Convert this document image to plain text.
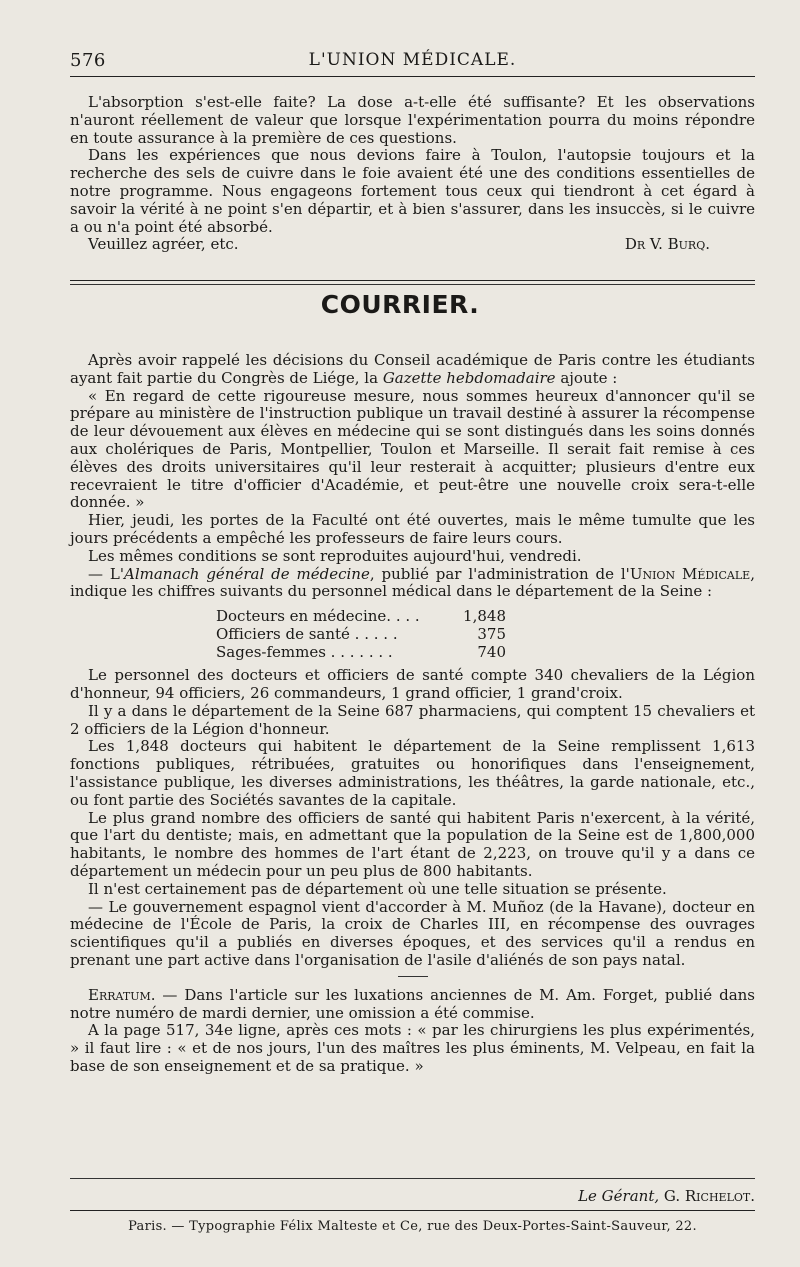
576	L'UNION MÉDICALE.

L'absorption s'est-elle faite? La dose a-t-elle été suffisante? Et les observations n'auront réellement de valeur que lorsque l'expérimentation pourra du moins répondre en toute assurance à la première de ces questions.

Dans les expériences que nous devions faire à Toulon, l'autopsie toujours et la recherche des sels de cuivre dans le foie avaient été une des conditions essentielles de notre programme. Nous engageons fortement tous ceux qui tiendront à cet égard à savoir la vérité à ne point s'en départir, et à bien s'assurer, dans les insuccès, si le cuivre a ou n'a point été absorbé.

Veuillez agréer, etc.	Dr V. Burq.
COURRIER.

Après avoir rappelé les décisions du Conseil académique de Paris contre les étudiants ayant fait partie du Congrès de Liége, la Gazette hebdomadaire ajoute :

« En regard de cette rigoureuse mesure, nous sommes heureux d'annoncer qu'il se prépare au ministère de l'instruction publique un travail destiné à assurer la récompense de leur dévouement aux élèves en médecine qui se sont distingués dans les soins donnés aux cholériques de Paris, Montpellier, Toulon et Marseille. Il serait fait remise à ces élèves des droits universitaires qu'il leur resterait à acquitter; plusieurs d'entre eux recevraient le titre d'officier d'Académie, et peut-être une nouvelle croix sera-t-elle donnée. »

Hier, jeudi, les portes de la Faculté ont été ouvertes, mais le même tumulte que les jours précédents a empêché les professeurs de faire leurs cours.

Les mêmes conditions se sont reproduites aujourd'hui, vendredi.

— L'Almanach général de médecine, publié par l'administration de l'Union Médicale, indique les chiffres suivants du personnel médical dans le département de la Seine :

Docteurs en médecine. . . .	1,848
Officiers de santé . . . . .	375
Sages-femmes . . . . . . .	740

Le personnel des docteurs et officiers de santé compte 340 chevaliers de la Légion d'honneur, 94 officiers, 26 commandeurs, 1 grand officier, 1 grand'croix.

Il y a dans le département de la Seine 687 pharmaciens, qui comptent 15 chevaliers et 2 officiers de la Légion d'honneur.

Les 1,848 docteurs qui habitent le département de la Seine remplissent 1,613 fonctions publiques, rétribuées, gratuites ou honorifiques dans l'enseignement, l'assistance publique, les diverses administrations, les théâtres, la garde nationale, etc., ou font partie des Sociétés savantes de la capitale.

Le plus grand nombre des officiers de santé qui habitent Paris n'exercent, à la vérité, que l'art du dentiste; mais, en admettant que la population de la Seine est de 1,800,000 habitants, le nombre des hommes de l'art étant de 2,223, on trouve qu'il y a dans ce département un médecin pour un peu plus de 800 habitants.

Il n'est certainement pas de département où une telle situation se présente.

— Le gouvernement espagnol vient d'accorder à M. Muñoz (de la Havane), docteur en médecine de l'École de Paris, la croix de Charles III, en récompense des ouvrages scientifiques qu'il a publiés en diverses époques, et des services qu'il a rendus en prenant une part active dans l'organisation de l'asile d'aliénés de son pays natal.

Erratum. — Dans l'article sur les luxations anciennes de M. Am. Forget, publié dans notre numéro de mardi dernier, une omission a été commise.

A la page 517, 34e ligne, après ces mots : « par les chirurgiens les plus expérimentés, » il faut lire : « et de nos jours, l'un des maîtres les plus éminents, M. Velpeau, en fait la base de son enseignement et de sa pratique. »

Le Gérant, G. Richelot.
Paris. — Typographie Félix Malteste et Ce, rue des Deux-Portes-Saint-Sauveur, 22.
